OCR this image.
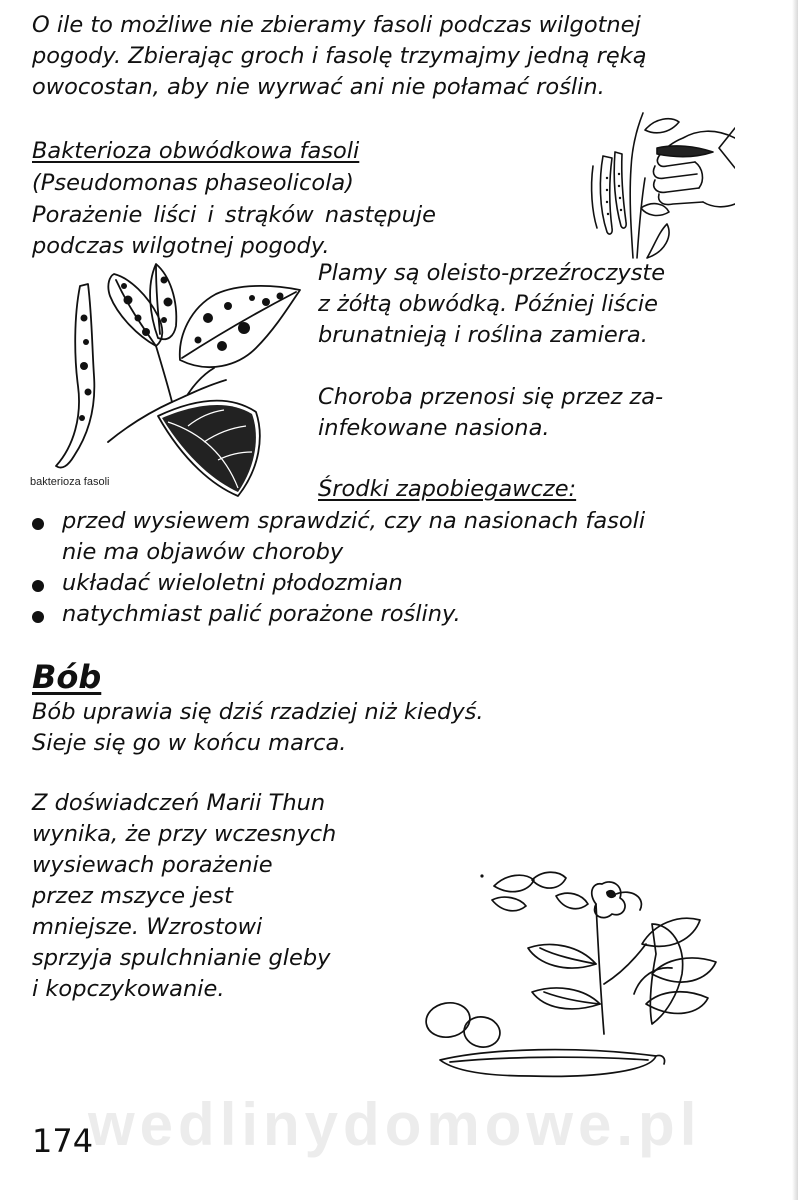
O ile to możliwe nie zbieramy fasoli podczas wilgotnej
pogody. Zbierając groch i fasolę trzymajmy jedną ręką
owocostan, aby nie wyrwać ani nie połamać roślin.
Bakterioza obwódkowa fasoli
(Pseudomonas phaseolicola)
Porażenie liści i strąków następuje
podczas wilgotnej pogody.
bakterioza fasoli
Plamy są oleisto-przeźroczyste
z żółtą obwódką. Później liście
brunatnieją i roślina zamiera.
Choroba przenosi się przez za-
infekowane nasiona.
Środki zapobiegawcze:
przed wysiewem sprawdzić, czy na nasionach fasoli
nie ma objawów choroby
układać wieloletni płodozmian
natychmiast palić porażone rośliny.
Bób
Bób uprawia się dziś rzadziej niż kiedyś.
Sieje się go w końcu marca.
Z doświadczeń Marii Thun
wynika, że przy wczesnych
wysiewach porażenie
przez mszyce jest
mniejsze. Wzrostowi
sprzyja spulchnianie gleby
i kopczykowanie.
wedlinydomowe.pl
174
